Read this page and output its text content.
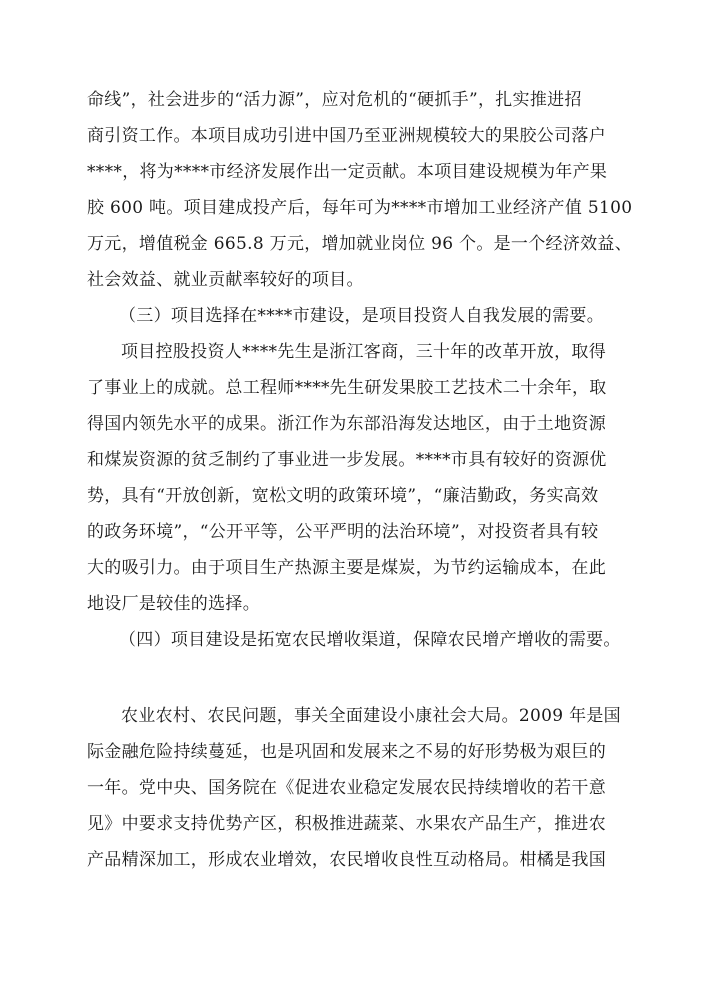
命线”，社会进步的“活力源”，应对危机的“硬抓手”，扎实推进招

商引资工作。本项目成功引进中国乃至亚洲规模较大的果胶公司落户

****，将为****市经济发展作出一定贡献。本项目建设规模为年产果

胶 600 吨。项目建成投产后，每年可为****市增加工业经济产值 5100

万元，增值税金 665.8 万元，增加就业岗位 96 个。是一个经济效益、

社会效益、就业贡献率较好的项目。

（三）项目选择在****市建设，是项目投资人自我发展的需要。

项目控股投资人****先生是浙江客商，三十年的改革开放，取得

了事业上的成就。总工程师****先生研发果胶工艺技术二十余年，取

得国内领先水平的成果。浙江作为东部沿海发达地区，由于土地资源

和煤炭资源的贫乏制约了事业进一步发展。****市具有较好的资源优

势，具有“开放创新，宽松文明的政策环境”，“廉洁勤政，务实高效

的政务环境”，“公开平等，公平严明的法治环境”，对投资者具有较

大的吸引力。由于项目生产热源主要是煤炭，为节约运输成本，在此

地设厂是较佳的选择。

（四）项目建设是拓宽农民增收渠道，保障农民增产增收的需要。

农业农村、农民问题，事关全面建设小康社会大局。2009 年是国

际金融危险持续蔓延，也是巩固和发展来之不易的好形势极为艰巨的

一年。党中央、国务院在《促进农业稳定发展农民持续增收的若干意

见》中要求支持优势产区，积极推进蔬菜、水果农产品生产，推进农

产品精深加工，形成农业增效，农民增收良性互动格局。柑橘是我国
